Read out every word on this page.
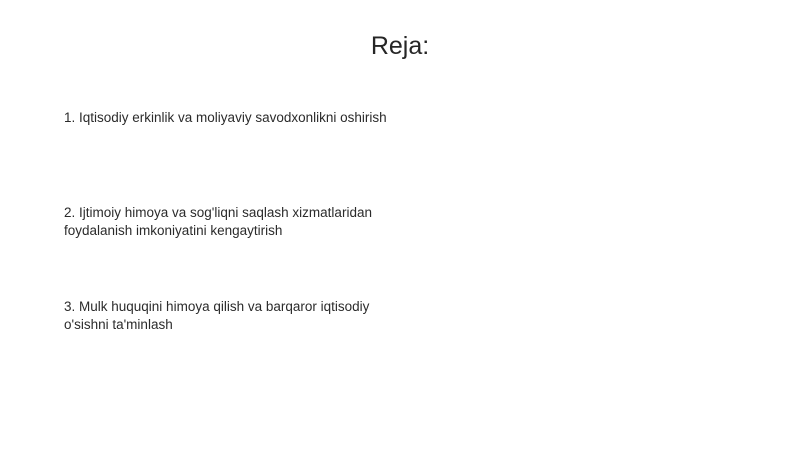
Reja:
1. Iqtisodiy erkinlik va moliyaviy savodxonlikni oshirish
2. Ijtimoiy himoya va sog'liqni saqlash xizmatlaridan
foydalanish imkoniyatini kengaytirish
3. Mulk huquqini himoya qilish va barqaror iqtisodiy
o'sishni ta'minlash
